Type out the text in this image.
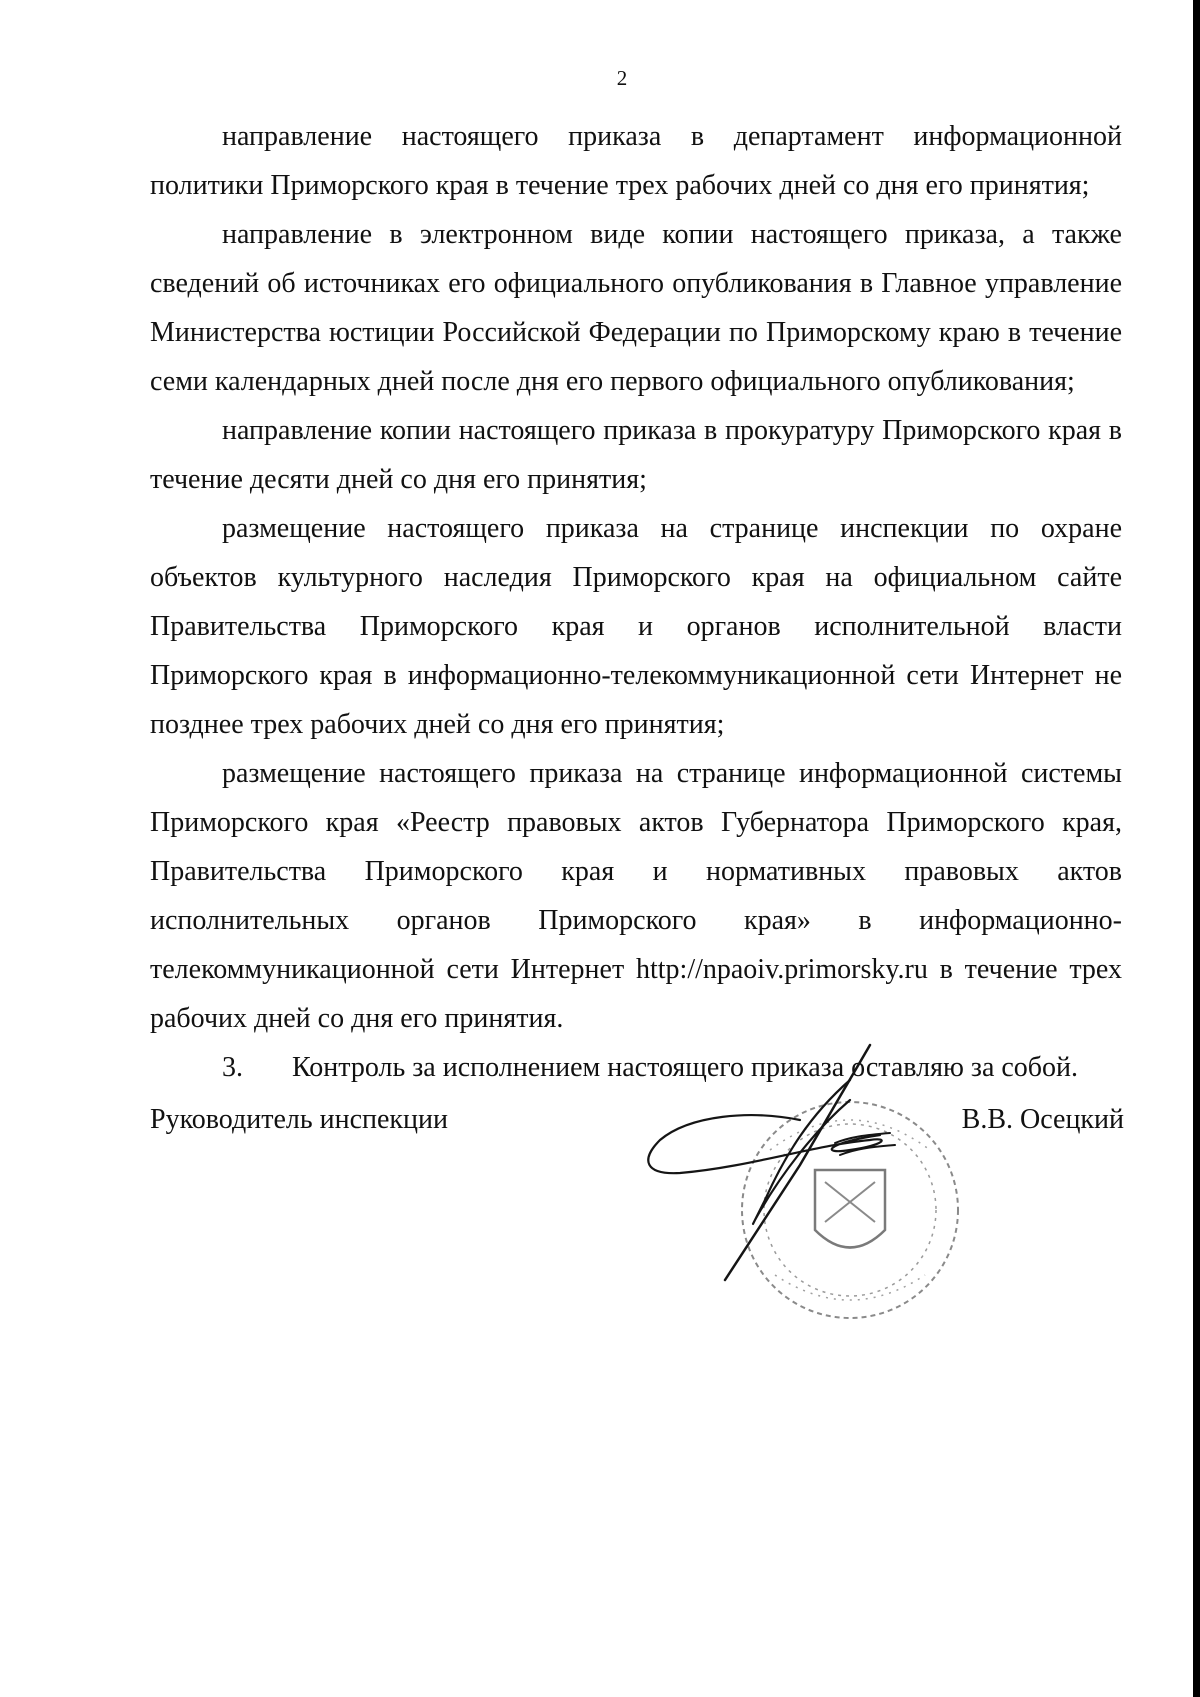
2

направление настоящего приказа в департамент информационной политики Приморского края в течение трех рабочих дней со дня его принятия;

направление в электронном виде копии настоящего приказа, а также сведений об источниках его официального опубликования в Главное управление Министерства юстиции Российской Федерации по Приморскому краю в течение семи календарных дней после дня его первого официального опубликования;

направление копии настоящего приказа в прокуратуру Приморского края в течение десяти дней со дня его принятия;

размещение настоящего приказа на странице инспекции по охране объектов культурного наследия Приморского края на официальном сайте Правительства Приморского края и органов исполнительной власти Приморского края в информационно-телекоммуникационной сети Интернет не позднее трех рабочих дней со дня его принятия;

размещение настоящего приказа на странице информационной системы Приморского края «Реестр правовых актов Губернатора Приморского края, Правительства Приморского края и нормативных правовых актов исполнительных органов Приморского края» в информационно-телекоммуникационной сети Интернет http://npaoiv.primorsky.ru в течение трех рабочих дней со дня его принятия.

3. Контроль за исполнением настоящего приказа оставляю за собой.

Руководитель инспекции	В.В. Осецкий
